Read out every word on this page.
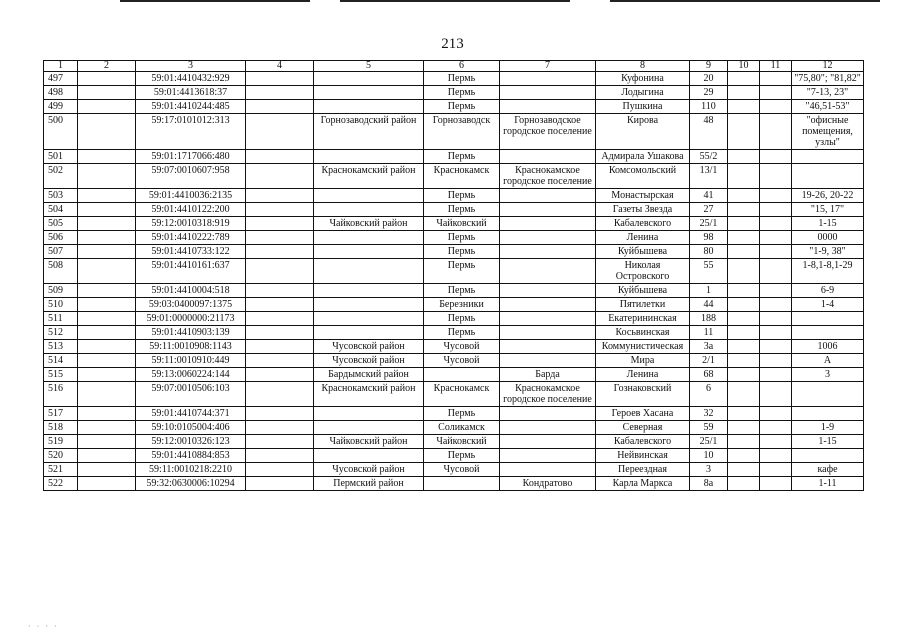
213
1	2	3	4	5	6	7	8	9	10	11	12
497		59:01:4410432:929			Пермь		Куфонина	20			"75,80"; "81,82"
498		59:01:4413618:37			Пермь		Лодыгина	29			"7-13, 23"
499		59:01:4410244:485			Пермь		Пушкина	110			"46,51-53"
500		59:17:0101012:313		Горнозаводский район	Горнозаводск	Горнозаводское городское поселение	Кирова	48			"офисные помещения, узлы"
501		59:01:1717066:480			Пермь		Адмирала Ушакова	55/2			
502		59:07:0010607:958		Краснокамский район	Краснокамск	Краснокамское городское поселение	Комсомольский	13/1			
503		59:01:4410036:2135			Пермь		Монастырская	41			19-26, 20-22
504		59:01:4410122:200			Пермь		Газеты Звезда	27			"15, 17"
505		59:12:0010318:919		Чайковский район	Чайковский		Кабалевского	25/1			1-15
506		59:01:4410222:789			Пермь		Ленина	98			0000
507		59:01:4410733:122			Пермь		Куйбышева	80			"1-9, 38"
508		59:01:4410161:637			Пермь		Николая Островского	55			1-8,1-8,1-29
509		59:01:4410004:518			Пермь		Куйбышева	1			6-9
510		59:03:0400097:1375			Березники		Пятилетки	44			1-4
511		59:01:0000000:21173			Пермь		Екатерининская	188			
512		59:01:4410903:139			Пермь		Косьвинская	11			
513		59:11:0010908:1143		Чусовской район	Чусовой		Коммунистическая	3а			1006
514		59:11:0010910:449		Чусовской район	Чусовой		Мира	2/1			А
515		59:13:0060224:144		Бардымский район		Барда	Ленина	68			3
516		59:07:0010506:103		Краснокамский район	Краснокамск	Краснокамское городское поселение	Гознаковский	6			
517		59:01:4410744:371			Пермь		Героев Хасана	32			
518		59:10:0105004:406			Соликамск		Северная	59			1-9
519		59:12:0010326:123		Чайковский район	Чайковский		Кабалевского	25/1			1-15
520		59:01:4410884:853			Пермь		Нейвинская	10			
521		59:11:0010218:2210		Чусовской район	Чусовой		Переездная	3			кафе
522		59:32:0630006:10294		Пермский район		Кондратово	Карла Маркса	8а			1-11
· · · ·
